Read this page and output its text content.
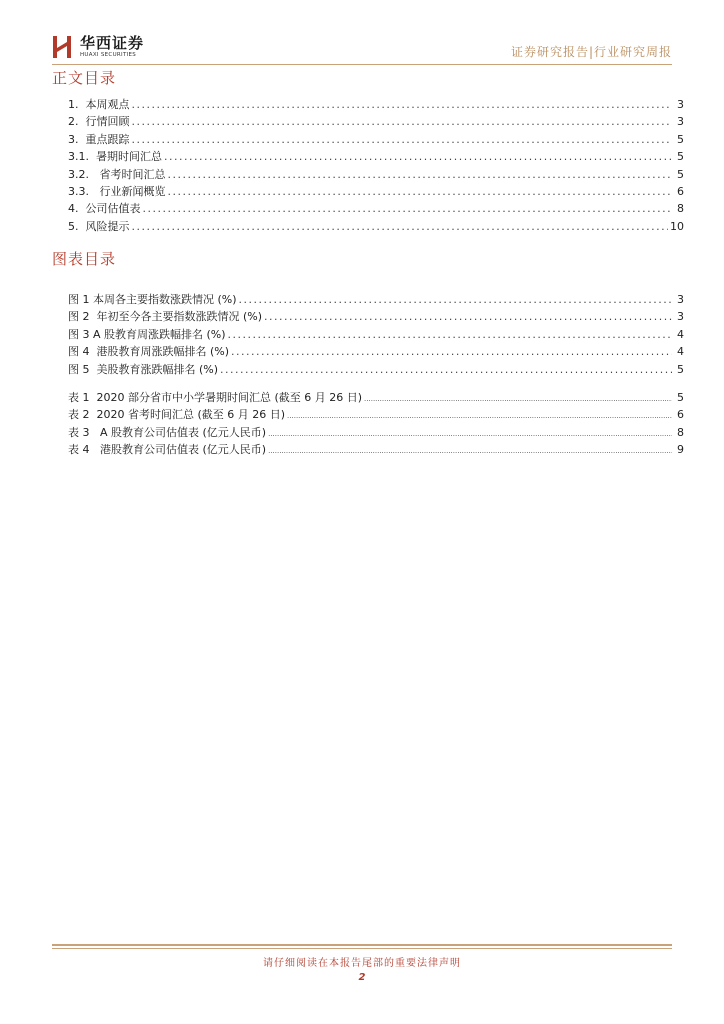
华西证券
HUAXI SECURITIES	证券研究报告|行业研究周报
正文目录
1.  本周观点 .....	3
2.  行情回顾 .....	3
3.  重点跟踪 .....	5
3.1.  暑期时间汇总 .....	5
3.2.   省考时间汇总 .....	5
3.3.   行业新闻概览 .....	6
4.  公司估值表 .....	8
5.  风险提示 .....	10
图表目录
图 1 本周各主要指数涨跌情况 (%) .....	3
图 2  年初至今各主要指数涨跌情况 (%) .....	3
图 3 A 股教育周涨跌幅排名 (%) .....	4
图 4  港股教育周涨跌幅排名 (%) .....	4
图 5  美股教育涨跌幅排名 (%) .....	5
表 1  2020 部分省市中小学暑期时间汇总 (截至 6 月 26 日) .....	5
表 2  2020 省考时间汇总 (截至 6 月 26 日) .....	6
表 3   A 股教育公司估值表 (亿元人民币) .....	8
表 4   港股教育公司估值表 (亿元人民币) .....	9
请仔细阅读在本报告尾部的重要法律声明
2
